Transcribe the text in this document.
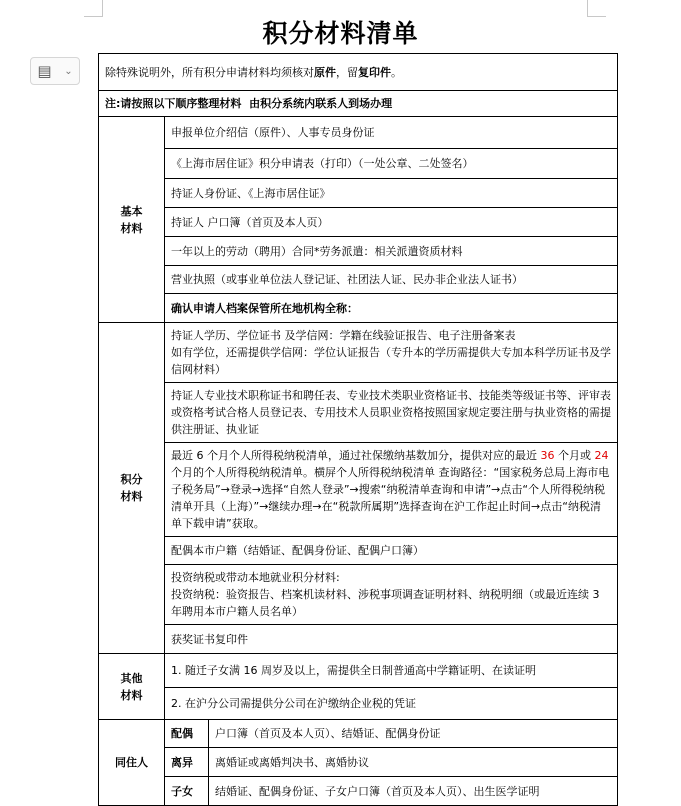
▤ ⌄
积分材料清单
除特殊说明外，所有积分申请材料均须核对原件，留复印件。		
注:请按照以下顺序整理材料 由积分系统内联系人到场办理		
基本
材料	申报单位介绍信（原件）、人事专员身份证	
	《上海市居住证》积分申请表（打印）（一处公章、二处签名）	
	持证人身份证、《上海市居住证》	
	持证人 户口簿（首页及本人页）	
	一年以上的劳动（聘用）合同*劳务派遣：相关派遣资质材料	
	营业执照（或事业单位法人登记证、社团法人证、民办非企业法人证书）	
	确认申请人档案保管所在地机构全称：	
积分
材料	持证人学历、学位证书 及学信网：学籍在线验证报告、电子注册备案表
如有学位，还需提供学信网：学位认证报告（专升本的学历需提供大专加本科学历证书及学信网材料）	
	持证人专业技术职称证书和聘任表、专业技术类职业资格证书、技能类等级证书等、评审表或资格考试合格人员登记表、专用技术人员职业资格按照国家规定要注册与执业资格的需提供注册证、执业证	
	最近 6 个月个人所得税纳税清单，通过社保缴纳基数加分，提供对应的最近 36 个月或 24 个月的个人所得税纳税清单。横屏个人所得税纳税清单 查询路径：“国家税务总局上海市电子税务局”→登录→选择“自然人登录”→搜索“纳税清单查询和申请”→点击“个人所得税纳税清单开具（上海）”→继续办理→在“税款所属期”选择查询在沪工作起止时间→点击“纳税清单下载申请”获取。	
	配偶本市户籍（结婚证、配偶身份证、配偶户口簿）	
	投资纳税或带动本地就业积分材料:
投资纳税：验资报告、档案机读材料、涉税事项调查证明材料、纳税明细（或最近连续 3 年聘用本市户籍人员名单）	
	获奖证书复印件	
其他
材料	1. 随迁子女满 16 周岁及以上，需提供全日制普通高中学籍证明、在读证明	
	2. 在沪分公司需提供分公司在沪缴纳企业税的凭证	
同住人	配偶	户口簿（首页及本人页）、结婚证、配偶身份证
	离异	离婚证或离婚判决书、离婚协议
	子女	结婚证、配偶身份证、子女户口簿（首页及本人页）、出生医学证明
